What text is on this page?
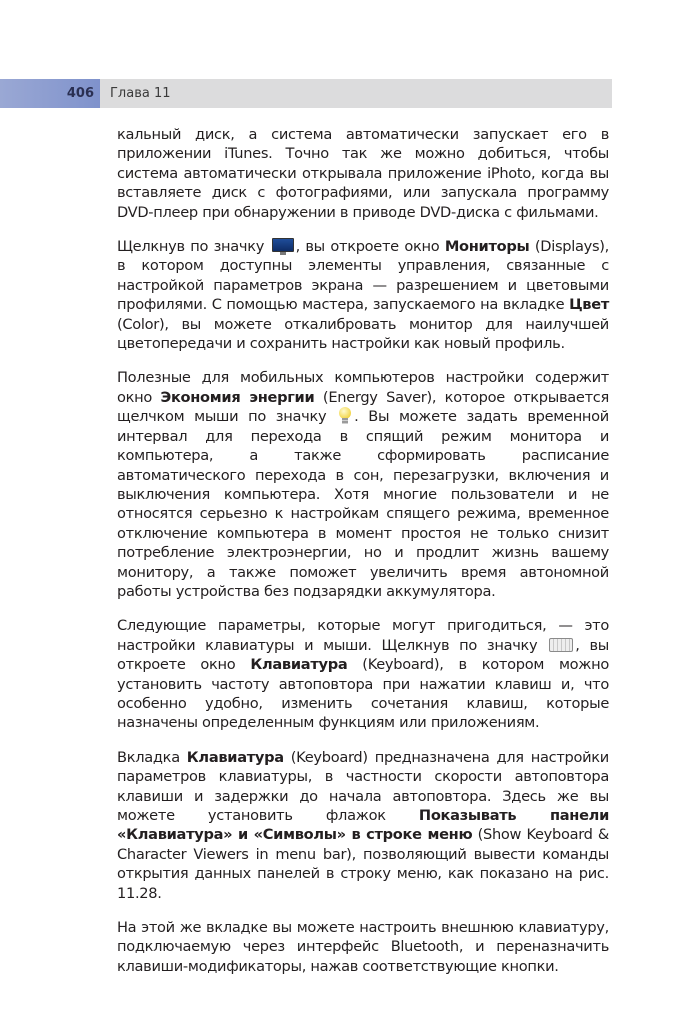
406	Глава 11

кальный диск, а система автоматически запускает его в приложении iTunes. Точно так же можно добиться, чтобы система автоматически открывала приложение iPhoto, когда вы вставляете диск с фотографиями, или запускала программу DVD-плеер при обнаружении в приводе DVD-диска с фильмами.

Щелкнув по значку
, вы откроете окно Мониторы (Displays), в котором доступны элементы управления, связанные с настройкой параметров экрана — разрешением и цветовыми профилями. С помощью мастера, запускаемого на вкладке Цвет (Color), вы можете откалибровать монитор для наилучшей цветопередачи и сохранить настройки как новый профиль.

Полезные для мобильных компьютеров настройки содержит окно Экономия энергии (Energy Saver), которое открывается щелчком мыши по значку
. Вы можете задать временной интервал для перехода в спящий режим монитора и компьютера, а также сформировать расписание автоматического перехода в сон, перезагрузки, включения и выключения компьютера. Хотя многие пользователи и не относятся серьезно к настройкам спящего режима, временное отключение компьютера в момент простоя не только снизит потребление электроэнергии, но и продлит жизнь вашему монитору, а также поможет увеличить время автономной работы устройства без подзарядки аккумулятора.

Следующие параметры, которые могут пригодиться, — это настройки клавиатуры и мыши. Щелкнув по значку , вы откроете окно Клавиатура (Keyboard), в котором можно установить частоту автоповтора при нажатии клавиш и, что особенно удобно, изменить сочетания клавиш, которые назначены определенным функциям или приложениям.

Вкладка Клавиатура (Keyboard) предназначена для настройки параметров клавиатуры, в частности скорости автоповтора клавиши и задержки до начала автоповтора. Здесь же вы можете установить флажок Показывать панели «Клавиатура» и «Символы» в строке меню (Show Keyboard & Character Viewers in menu bar), позволяющий вывести команды открытия данных панелей в строку меню, как показано на рис. 11.28.

На этой же вкладке вы можете настроить внешнюю клавиатуру, подключаемую через интерфейс Bluetooth, и переназначить клавиши-модификаторы, нажав соответствующие кнопки.
